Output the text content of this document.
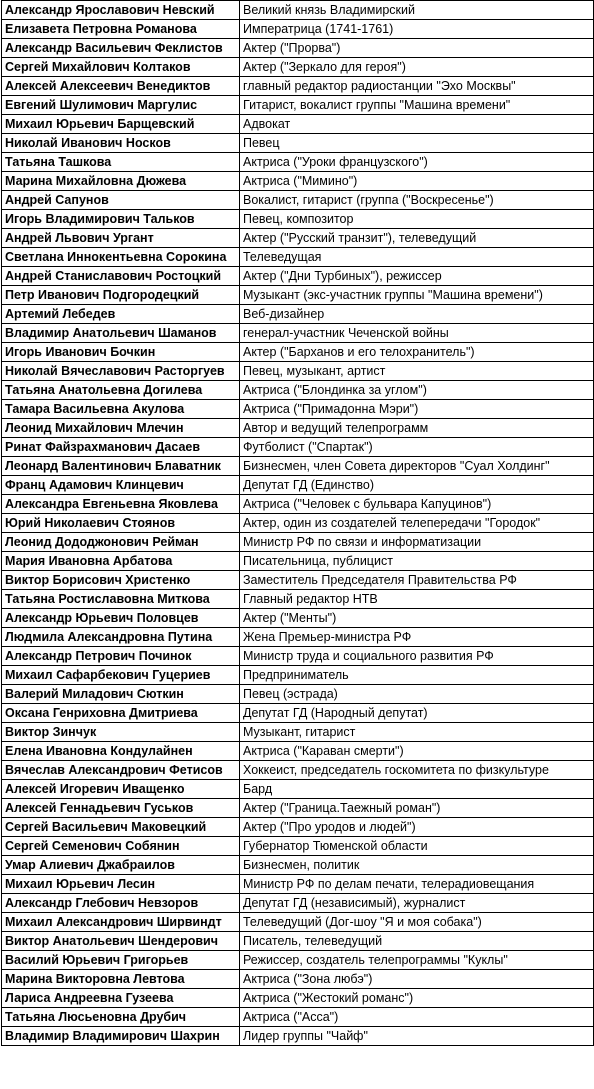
Александр Ярославович Невский	Великий князь Владимирский
Елизавета Петровна Романова	Императрица (1741-1761)
Александр Васильевич Феклистов	Актер ("Прорва")
Сергей Михайлович Колтаков	Актер ("Зеркало для героя")
Алексей Алексеевич Венедиктов	главный редактор радиостанции "Эхо Москвы"
Евгений Шулимович Маргулис	Гитарист, вокалист группы "Машина времени"
Михаил Юрьевич Барщевский	Адвокат
Николай Иванович Носков	Певец
Татьяна Ташкова	Актриса ("Уроки французского")
Марина Михайловна Дюжева	Актриса ("Мимино")
Андрей Сапунов	Вокалист, гитарист (группа ("Воскресенье")
Игорь Владимирович Тальков	Певец, композитор
Андрей Львович Ургант	Актер ("Русский транзит"), телеведущий
Светлана Иннокентьевна Сорокина	Телеведущая
Андрей Станиславович Ростоцкий	Актер ("Дни Турбиных"), режиссер
Петр Иванович Подгородецкий	Музыкант (экс-участник группы "Машина времени")
Артемий Лебедев	Веб-дизайнер
Владимир Анатольевич Шаманов	генерал-участник Чеченской войны
Игорь Иванович Бочкин	Актер ("Барханов и его телохранитель")
Николай Вячеславович Расторгуев	Певец, музыкант, артист
Татьяна Анатольевна Догилева	Актриса ("Блондинка за углом")
Тамара Васильевна Акулова	Актриса ("Примадонна Мэри")
Леонид Михайлович Млечин	Автор и ведущий телепрограмм
Ринат Файзрахманович Дасаев	Футболист ("Спартак")
Леонард Валентинович Блаватник	Бизнесмен, член Совета директоров "Суал Холдинг"
Франц Адамович Клинцевич	Депутат ГД (Единство)
Александра Евгеньевна Яковлева	Актриса ("Человек с бульвара Капуцинов")
Юрий Николаевич Стоянов	Актер, один из создателей телепередачи "Городок"
Леонид Дододжонович Рейман	Министр РФ по связи и информатизации
Мария Ивановна Арбатова	Писательница, публицист
Виктор Борисович Христенко	Заместитель Председателя Правительства РФ
Татьяна Ростиславовна Миткова	Главный редактор НТВ
Александр Юрьевич Половцев	Актер ("Менты")
Людмила Александровна Путина	Жена Премьер-министра РФ
Александр Петрович Починок	Министр труда и социального развития РФ
Михаил Сафарбекович Гуцериев	Предприниматель
Валерий Миладович Сюткин	Певец (эстрада)
Оксана Генриховна Дмитриева	Депутат ГД (Народный депутат)
Виктор Зинчук	Музыкант, гитарист
Елена Ивановна Кондулайнен	Актриса ("Караван смерти")
Вячеслав Александрович Фетисов	Хоккеист, председатель госкомитета по физкультуре
Алексей Игоревич Иващенко	Бард
Алексей Геннадьевич Гуськов	Актер ("Граница.Таежный роман")
Сергей Васильевич Маковецкий	Актер ("Про уродов и людей")
Сергей Семенович Собянин	Губернатор Тюменской области
Умар Алиевич Джабраилов	Бизнесмен, политик
Михаил Юрьевич Лесин	Министр РФ по делам печати, телерадиовещания
Александр Глебович Невзоров	Депутат ГД (независимый), журналист
Михаил Александрович Ширвиндт	Телеведущий (Дог-шоу "Я и моя собака")
Виктор Анатольевич Шендерович	Писатель, телеведущий
Василий Юрьевич Григорьев	Режиссер, создатель телепрограммы "Куклы"
Марина Викторовна Левтова	Актриса ("Зона любэ")
Лариса Андреевна Гузеева	Актриса ("Жестокий романс")
Татьяна Люсьеновна Друбич	Актриса ("Асса")
Владимир Владимирович Шахрин	Лидер группы "Чайф"
